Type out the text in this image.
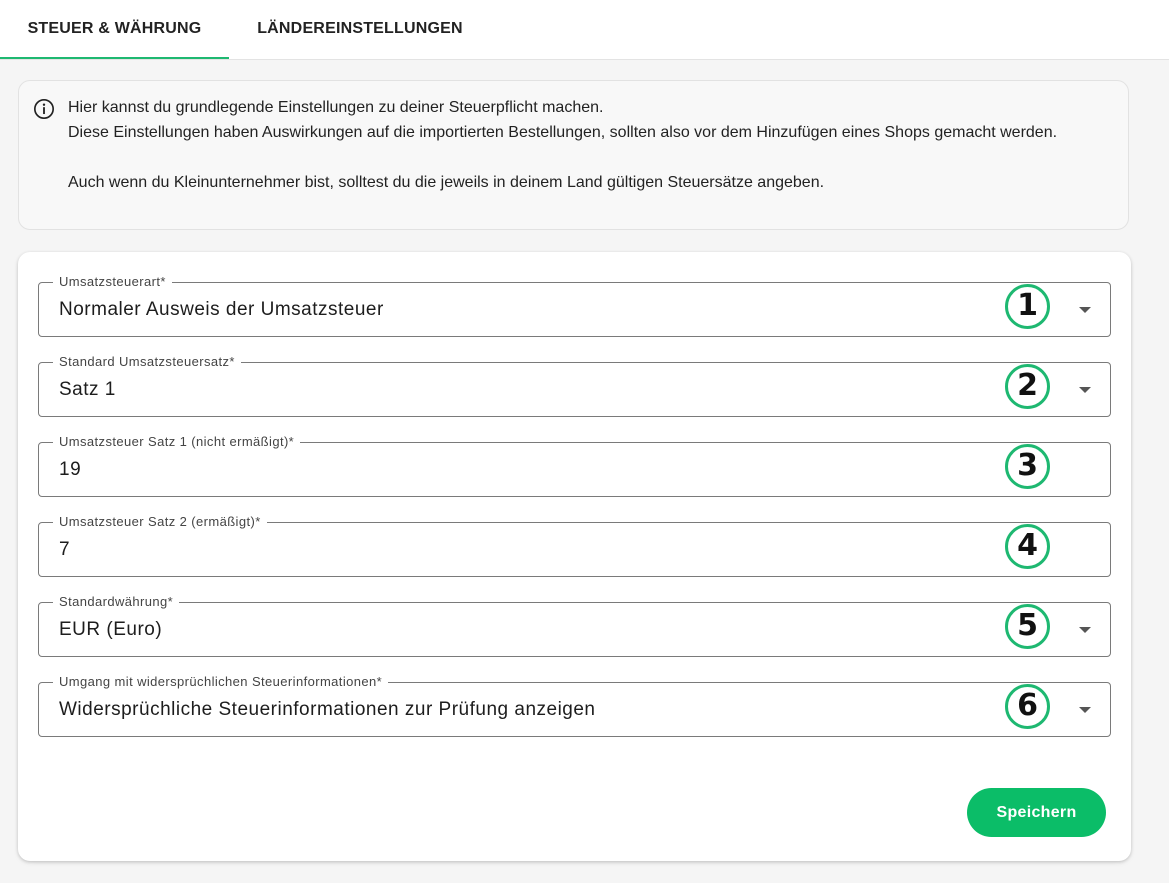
STEUER & WÄHRUNG	LÄNDEREINSTELLUNGEN

Hier kannst du grundlegende Einstellungen zu deiner Steuerpflicht machen.

Diese Einstellungen haben Auswirkungen auf die importierten Bestellungen, sollten also vor dem Hinzufügen eines Shops gemacht werden.

Auch wenn du Kleinunternehmer bist, solltest du die jeweils in deinem Land gültigen Steuersätze angeben.

Umsatzsteuerart*
Normaler Ausweis der Umsatzsteuer	1
Standard Umsatzsteuersatz*
Satz 1	2
Umsatzsteuer Satz 1 (nicht ermäßigt)*
19	3
Umsatzsteuer Satz 2 (ermäßigt)*
7	4
Standardwährung*
EUR (Euro)	5
Umgang mit widersprüchlichen Steuerinformationen*
Widersprüchliche Steuerinformationen zur Prüfung anzeigen	6
Speichern
